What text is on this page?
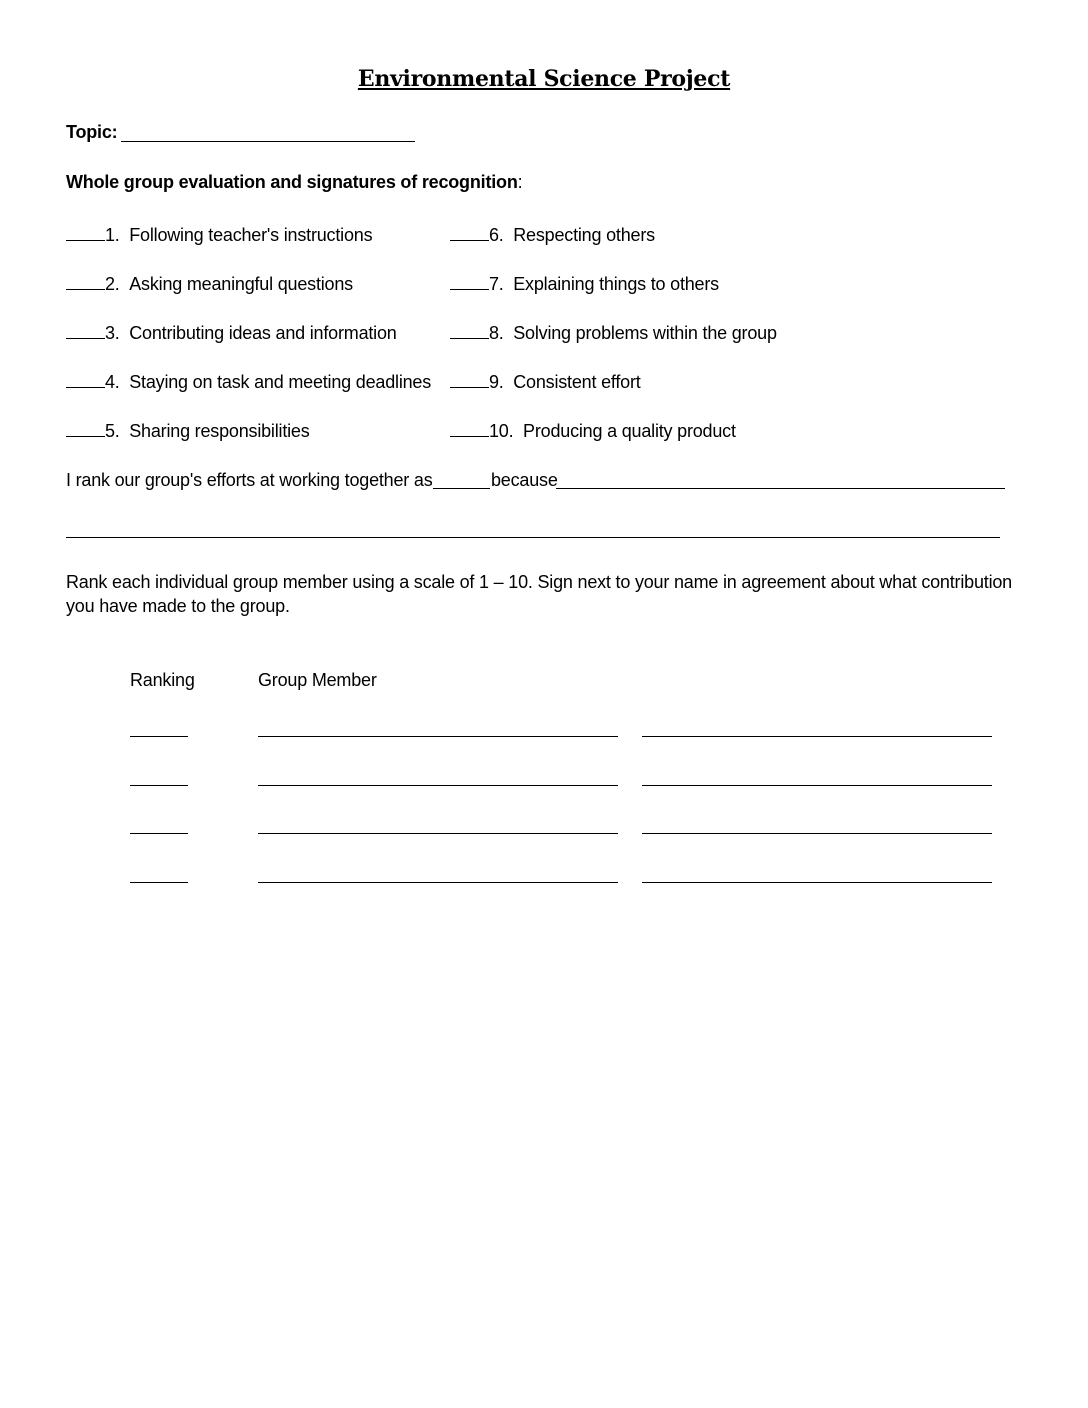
Environmental Science Project
Topic:
Whole group evaluation and signatures of recognition:
1. Following teacher's instructions
2. Asking meaningful questions
3. Contributing ideas and information
4. Staying on task and meeting deadlines
5. Sharing responsibilities
6. Respecting others
7. Explaining things to others
8. Solving problems within the group
9. Consistent effort
10. Producing a quality product
I rank our group's efforts at working together as	because
Rank each individual group member using a scale of 1 – 10. Sign next to your name in agreement about what contribution
you have made to the group.
Ranking	Group Member
